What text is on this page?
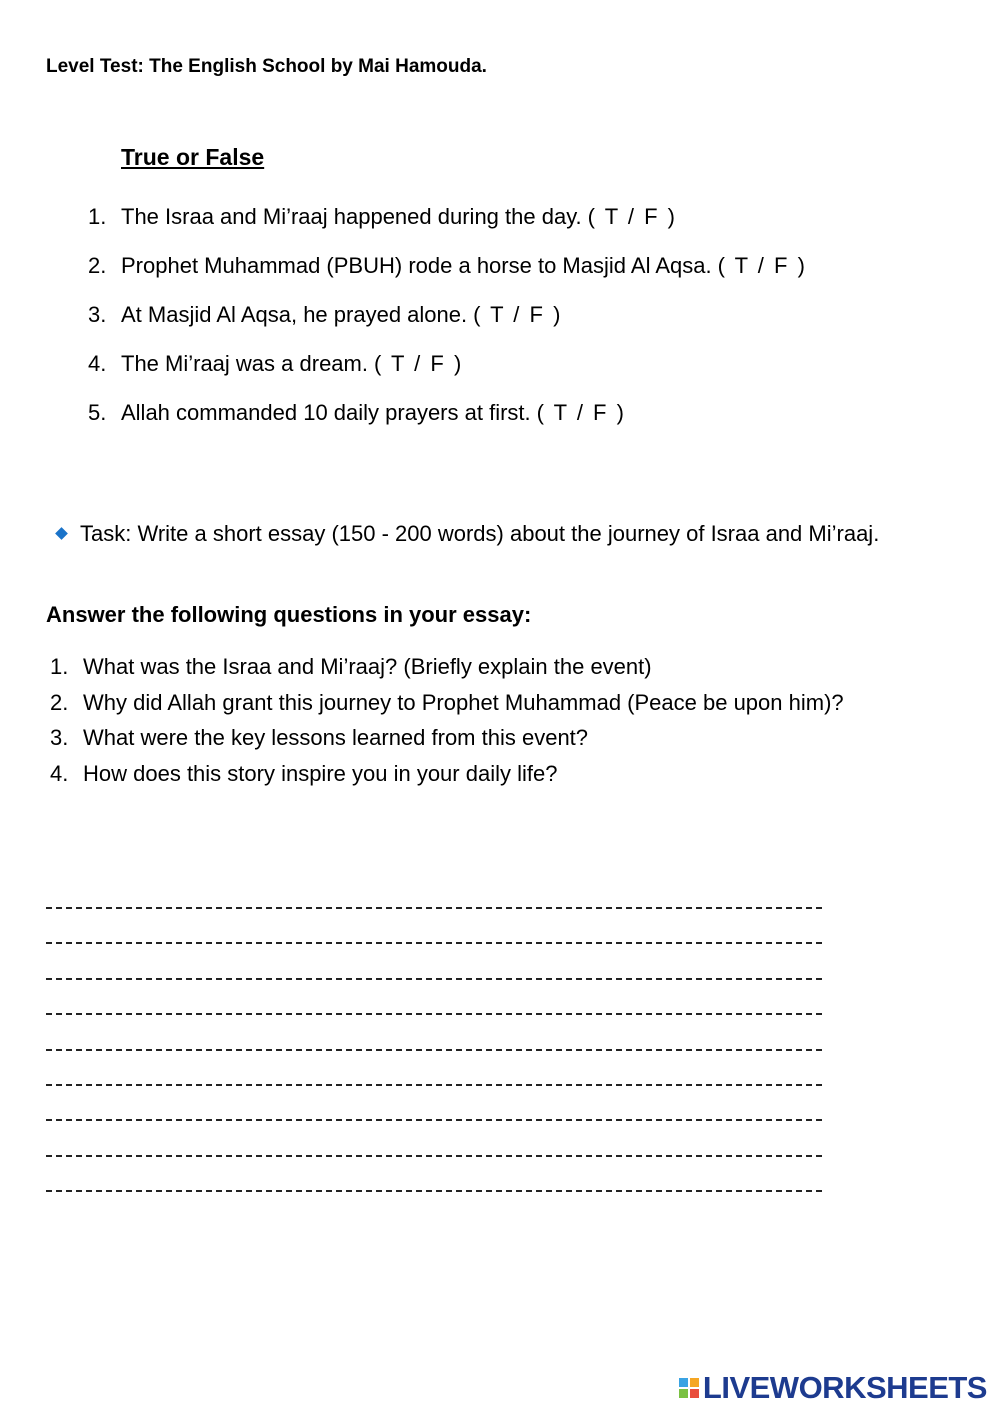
Level Test: The English School by Mai Hamouda.
True or False
1. The Israa and Mi’raaj happened during the day. ( T / F )
2. Prophet Muhammad (PBUH) rode a horse to Masjid Al Aqsa. ( T / F )
3. At Masjid Al Aqsa, he prayed alone. ( T / F )
4. The Mi’raaj was a dream. ( T / F )
5. Allah commanded 10 daily prayers at first. ( T / F )
Task: Write a short essay (150 - 200 words) about the journey of Israa and Mi’raaj.
Answer the following questions in your essay:
1. What was the Israa and Mi’raaj? (Briefly explain the event)
2. Why did Allah grant this journey to Prophet Muhammad (Peace be upon him)?
3. What were the key lessons learned from this event?
4. How does this story inspire you in your daily life?
LIVEWORKSHEETS
